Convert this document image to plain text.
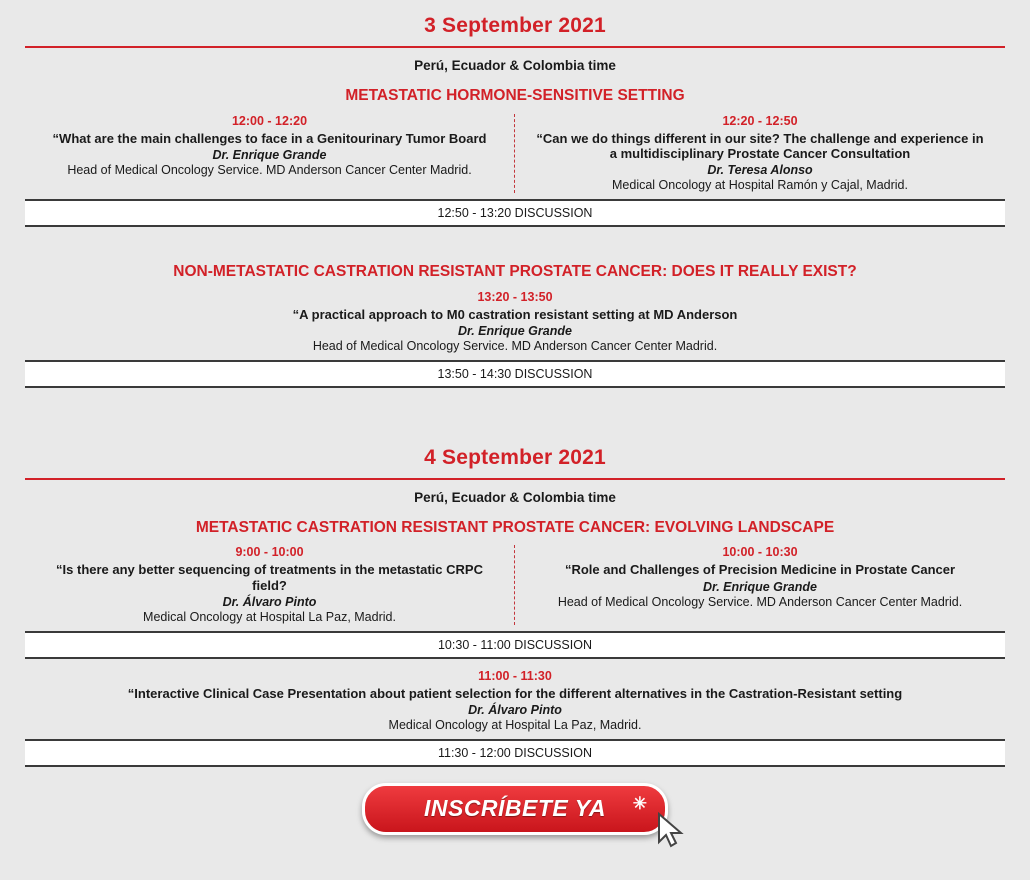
3 September 2021
Perú, Ecuador & Colombia time
METASTATIC HORMONE-SENSITIVE SETTING
12:00 - 12:20
“What are the main challenges to face in a Genitourinary Tumor Board
Dr. Enrique Grande
Head of Medical Oncology Service. MD Anderson Cancer Center Madrid.
12:20 - 12:50
“Can we do things different in our site? The challenge and experience in a multidisciplinary Prostate Cancer Consultation
Dr. Teresa Alonso
Medical Oncology at Hospital Ramón y Cajal, Madrid.
12:50 - 13:20 DISCUSSION
NON-METASTATIC CASTRATION RESISTANT PROSTATE CANCER: DOES IT REALLY EXIST?
13:20 - 13:50
“A practical approach to M0 castration resistant setting at MD Anderson
Dr. Enrique Grande
Head of Medical Oncology Service. MD Anderson Cancer Center Madrid.
13:50 - 14:30 DISCUSSION
4 September 2021
Perú, Ecuador & Colombia time
METASTATIC CASTRATION RESISTANT PROSTATE CANCER: EVOLVING LANDSCAPE
9:00 - 10:00
“Is there any better sequencing of treatments in the metastatic CRPC field?
Dr. Álvaro Pinto
Medical Oncology at Hospital La Paz, Madrid.
10:00 - 10:30
“Role and Challenges of Precision Medicine in Prostate Cancer
Dr. Enrique Grande
Head of Medical Oncology Service. MD Anderson Cancer Center Madrid.
10:30 - 11:00 DISCUSSION
11:00 - 11:30
“Interactive Clinical Case Presentation about patient selection for the different alternatives in the Castration-Resistant setting
Dr. Álvaro Pinto
Medical Oncology at Hospital La Paz, Madrid.
11:30 - 12:00 DISCUSSION
INSCRÍBETE YA ✳
